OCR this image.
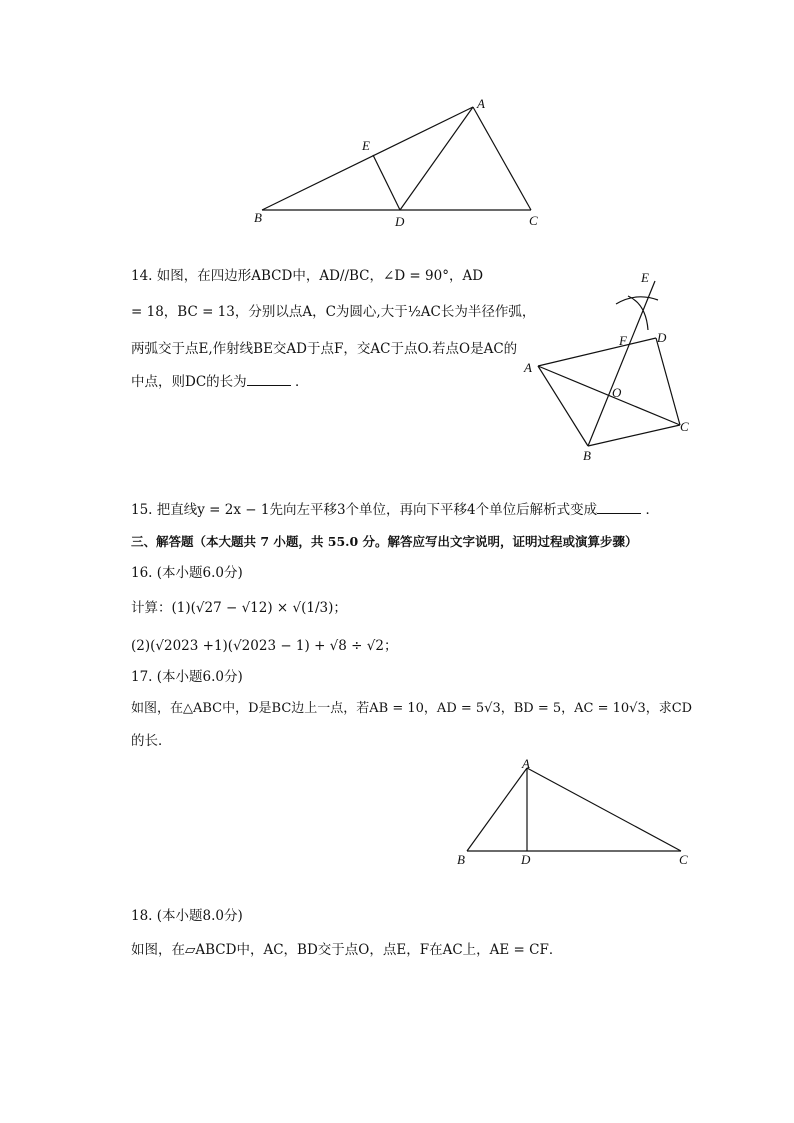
A
B	C
D
E
14. 如图，在四边形ABCD中，AD//BC，∠D = 90°，AD
= 18，BC = 13，分别以点A，C为圆心,大于½AC长为半径作弧，
两弧交于点E,作射线BE交AD于点F，交AC于点O.若点O是AC的
中点，则DC的长为	．
A
B
C
D
E
F
O
15. 把直线y = 2x − 1先向左平移3个单位，再向下平移4个单位后解析式变成	．
三、解答题（本大题共 7 小题，共 55.0 分。解答应写出文字说明，证明过程或演算步骤）
16. (本小题6.0分)
计算：(1)(√27 − √12) × √(1/3)；
(2)(√2023 +1)(√2023 − 1) + √8 ÷ √2；
17. (本小题6.0分)
如图，在△ABC中，D是BC边上一点，若AB = 10，AD = 5√3，BD = 5，AC = 10√3，求CD
的长．
A
B	C
D
18. (本小题8.0分)
如图，在▱ABCD中，AC，BD交于点O，点E，F在AC上，AE = CF．
